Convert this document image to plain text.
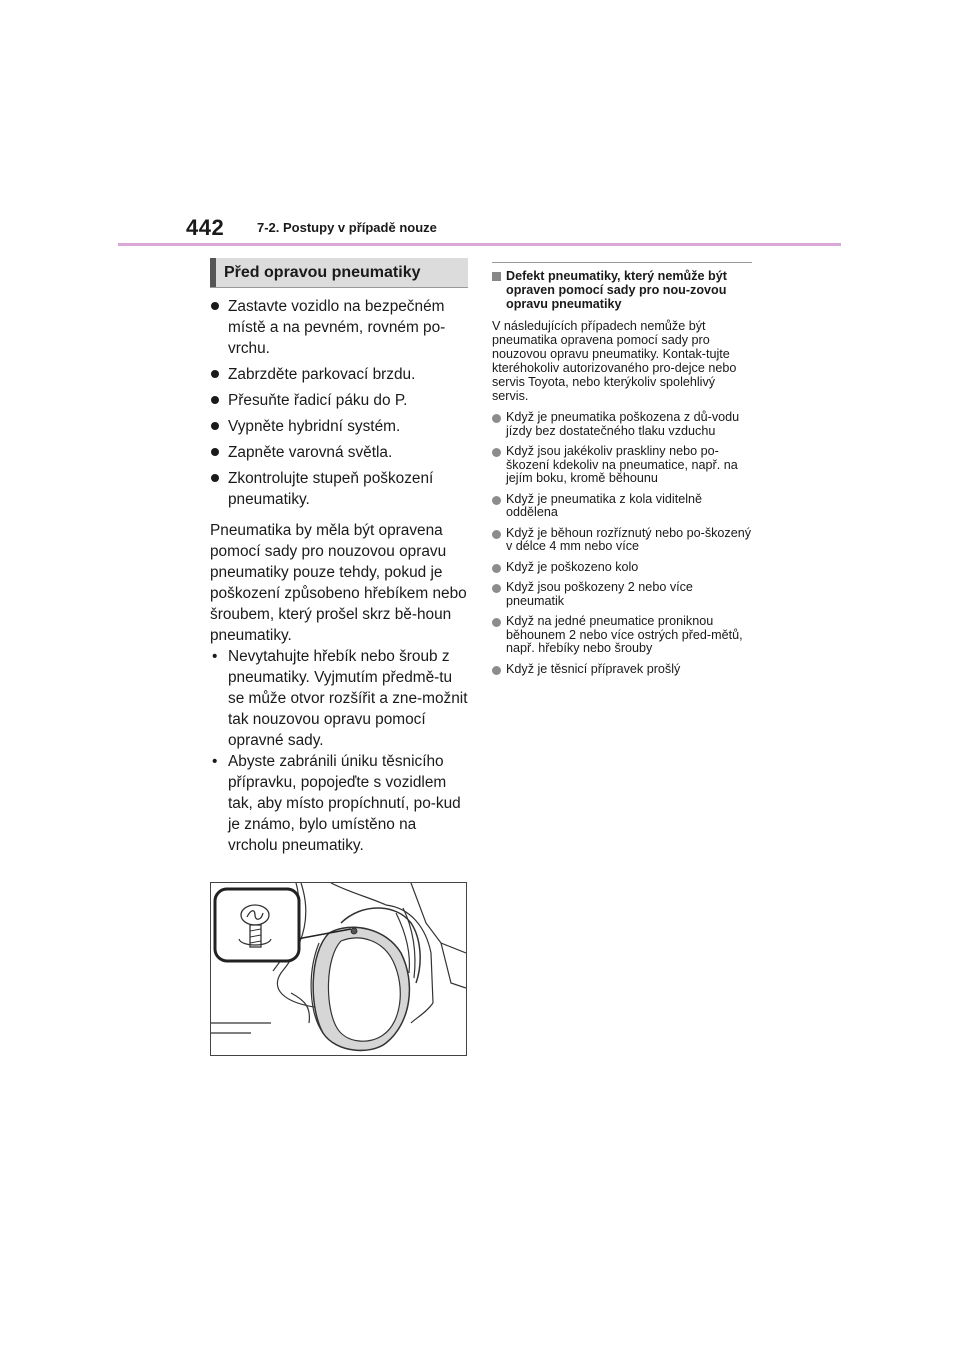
442	7-2. Postupy v případě nouze
Před opravou pneumatiky
Zastavte vozidlo na bezpečném místě a na pevném, rovném po-vrchu.
Zabrzděte parkovací brzdu.
Přesuňte řadicí páku do P.
Vypněte hybridní systém.
Zapněte varovná světla.
Zkontrolujte stupeň poškození pneumatiky.

Pneumatika by měla být opravena pomocí sady pro nouzovou opravu pneumatiky pouze tehdy, pokud je poškození způsobeno hřebíkem nebo šroubem, který prošel skrz bě-houn pneumatiky.

• Nevytahujte hřebík nebo šroub z pneumatiky. Vyjmutím předmě-tu se může otvor rozšířit a zne-možnit tak nouzovou opravu pomocí opravné sady.
• Abyste zabránili úniku těsnicího přípravku, popojeďte s vozidlem tak, aby místo propíchnutí, po-kud je známo, bylo umístěno na vrcholu pneumatiky.
Defekt pneumatiky, který nemůže být opraven pomocí sady pro nou-zovou opravu pneumatiky
V následujících případech nemůže být pneumatika opravena pomocí sady pro nouzovou opravu pneumatiky. Kontak-tujte kteréhokoliv autorizovaného pro-dejce nebo servis Toyota, nebo kterýkoliv spolehlivý servis.
Když je pneumatika poškozena z dů-vodu jízdy bez dostatečného tlaku vzduchu
Když jsou jakékoliv praskliny nebo po-škození kdekoliv na pneumatice, např. na jejím boku, kromě běhounu
Když je pneumatika z kola viditelně oddělena
Když je běhoun rozříznutý nebo po-škozený v délce 4 mm nebo více
Když je poškozeno kolo
Když jsou poškozeny 2 nebo více pneumatik
Když na jedné pneumatice proniknou běhounem 2 nebo více ostrých před-mětů, např. hřebíky nebo šrouby
Když je těsnicí přípravek prošlý
